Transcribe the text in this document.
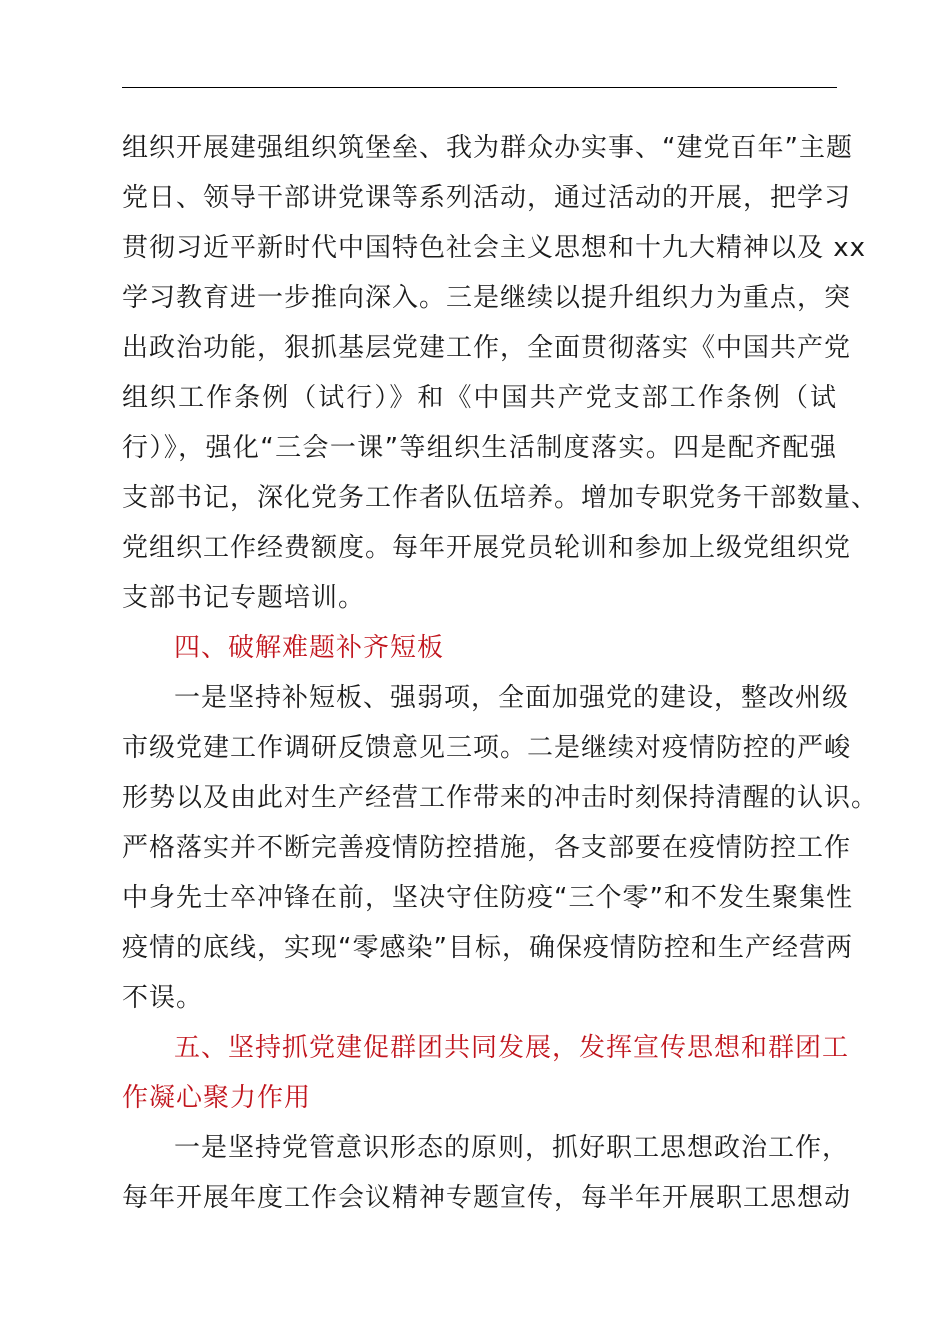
组织开展建强组织筑堡垒、我为群众办实事、“建党百年”主题
党日、领导干部讲党课等系列活动，通过活动的开展，把学习
贯彻习近平新时代中国特色社会主义思想和十九大精神以及 xx
学习教育进一步推向深入。三是继续以提升组织力为重点，突
出政治功能，狠抓基层党建工作，全面贯彻落实《中国共产党
组织工作条例（试行）》和《中国共产党支部工作条例（试
行）》，强化“三会一课”等组织生活制度落实。四是配齐配强
支部书记，深化党务工作者队伍培养。增加专职党务干部数量、
党组织工作经费额度。每年开展党员轮训和参加上级党组织党
支部书记专题培训。
四、破解难题补齐短板
一是坚持补短板、强弱项，全面加强党的建设，整改州级
市级党建工作调研反馈意见三项。二是继续对疫情防控的严峻
形势以及由此对生产经营工作带来的冲击时刻保持清醒的认识。
严格落实并不断完善疫情防控措施，各支部要在疫情防控工作
中身先士卒冲锋在前，坚决守住防疫“三个零”和不发生聚集性
疫情的底线，实现“零感染”目标，确保疫情防控和生产经营两
不误。
五、坚持抓党建促群团共同发展，发挥宣传思想和群团工
作凝心聚力作用
一是坚持党管意识形态的原则，抓好职工思想政治工作，
每年开展年度工作会议精神专题宣传，每半年开展职工思想动
